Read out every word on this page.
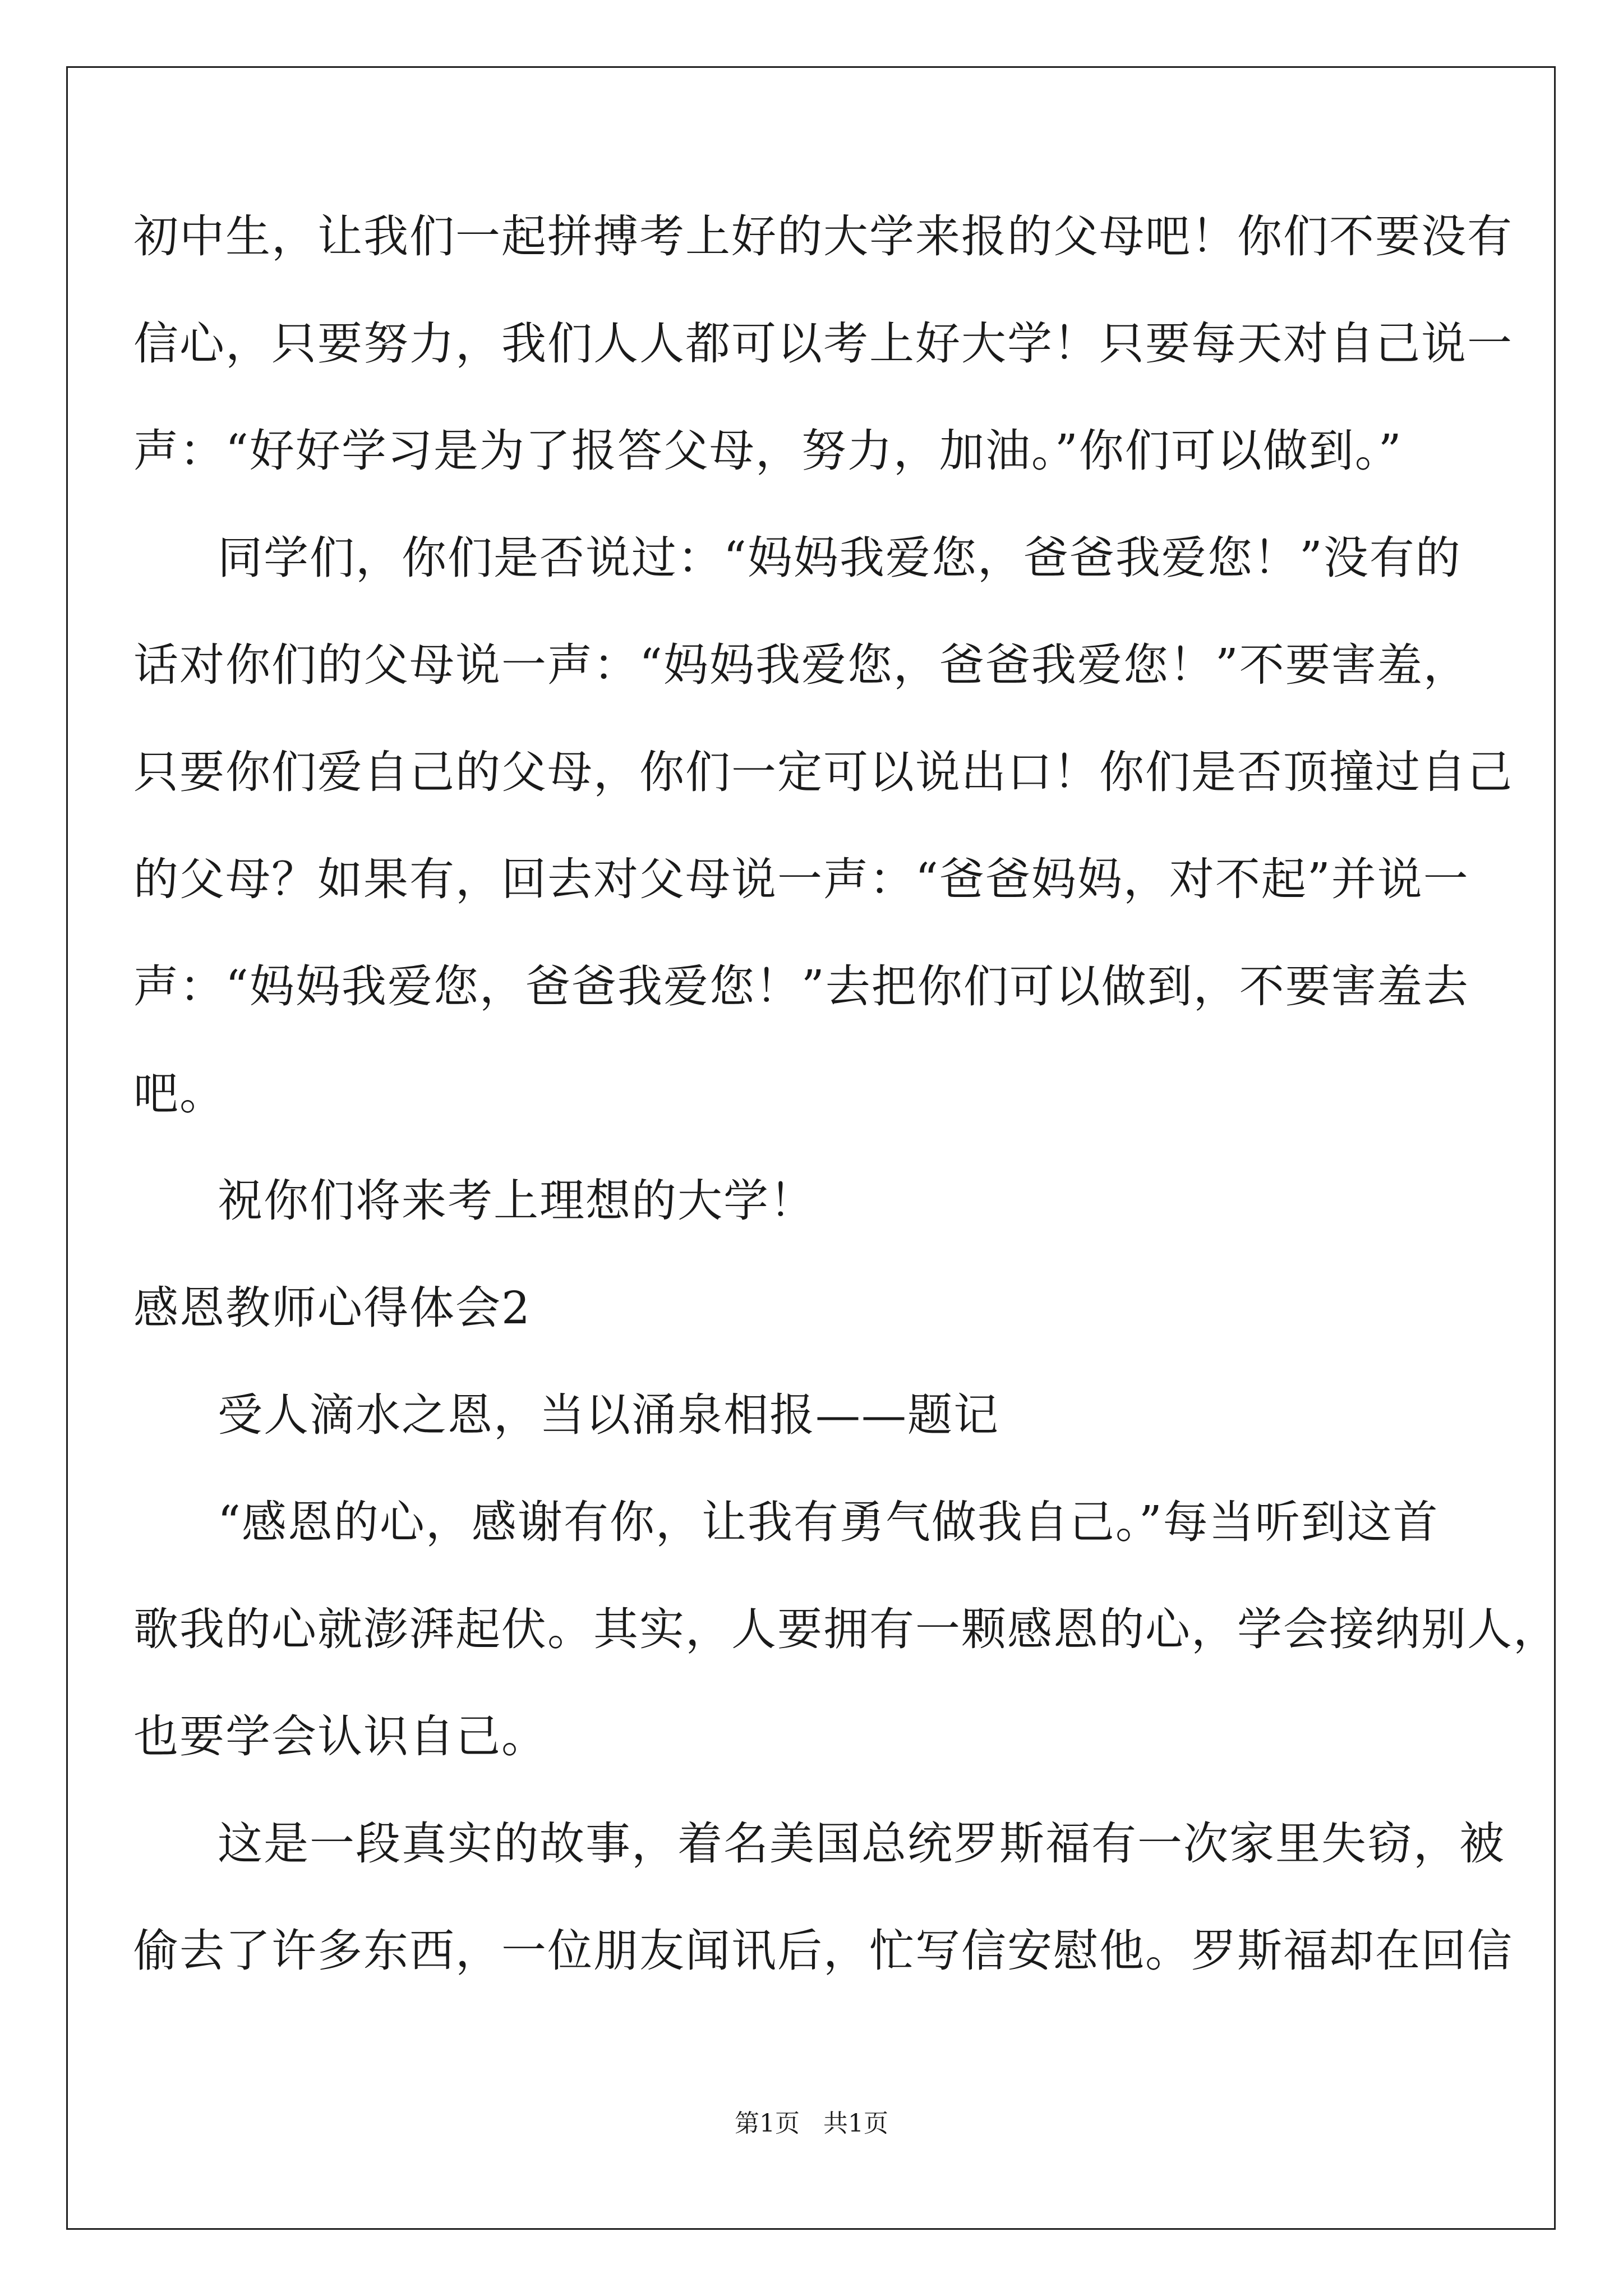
初中生，让我们一起拼搏考上好的大学来报的父母吧！你们不要没有

信心，只要努力，我们人人都可以考上好大学！只要每天对自己说一

声：“好好学习是为了报答父母，努力，加油。”你们可以做到。”

同学们，你们是否说过：“妈妈我爱您，爸爸我爱您！”没有的

话对你们的父母说一声：“妈妈我爱您，爸爸我爱您！”不要害羞，

只要你们爱自己的父母，你们一定可以说出口！你们是否顶撞过自己

的父母？如果有，回去对父母说一声：“爸爸妈妈，对不起”并说一

声：“妈妈我爱您，爸爸我爱您！”去把你们可以做到，不要害羞去

吧。

祝你们将来考上理想的大学！

感恩教师心得体会2

受人滴水之恩，当以涌泉相报——题记

“感恩的心，感谢有你，让我有勇气做我自己。”每当听到这首

歌我的心就澎湃起伏。其实，人要拥有一颗感恩的心，学会接纳别人，

也要学会认识自己。

这是一段真实的故事，着名美国总统罗斯福有一次家里失窃，被

偷去了许多东西，一位朋友闻讯后，忙写信安慰他。罗斯福却在回信

第1页   共1页
